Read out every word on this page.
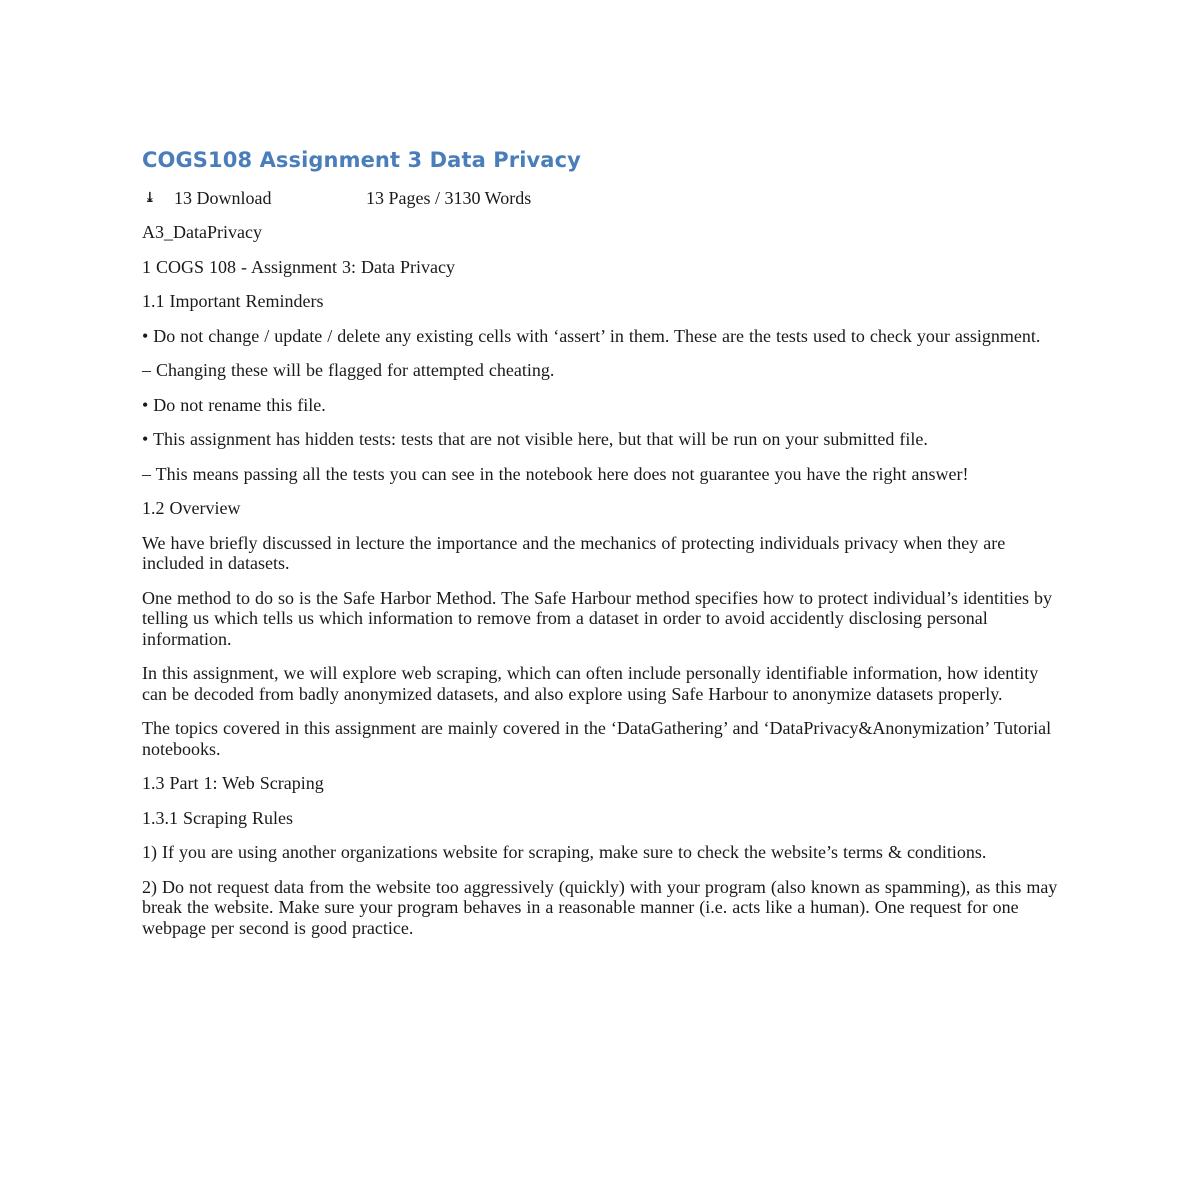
COGS108 Assignment 3 Data Privacy
⤓ 13 Download	13 Pages / 3130 Words

A3_DataPrivacy

1 COGS 108 - Assignment 3: Data Privacy

1.1 Important Reminders

• Do not change / update / delete any existing cells with ‘assert’ in them. These are the tests used to check your assignment.

– Changing these will be flagged for attempted cheating.

• Do not rename this file.

• This assignment has hidden tests: tests that are not visible here, but that will be run on your submitted file.

– This means passing all the tests you can see in the notebook here does not guarantee you have the right answer!

1.2 Overview

We have briefly discussed in lecture the importance and the mechanics of protecting individuals privacy when they are included in datasets.

One method to do so is the Safe Harbor Method. The Safe Harbour method specifies how to protect individual’s identities by telling us which tells us which information to remove from a dataset in order to avoid accidently disclosing personal information.

In this assignment, we will explore web scraping, which can often include personally identifiable information, how identity can be decoded from badly anonymized datasets, and also explore using Safe Harbour to anonymize datasets properly.

The topics covered in this assignment are mainly covered in the ‘DataGathering’ and ‘DataPrivacy&Anonymization’ Tutorial notebooks.

1.3 Part 1: Web Scraping

1.3.1 Scraping Rules

1) If you are using another organizations website for scraping, make sure to check the website’s terms & conditions.

2) Do not request data from the website too aggressively (quickly) with your program (also known as spamming), as this may break the website. Make sure your program behaves in a reasonable manner (i.e. acts like a human). One request for one webpage per second is good practice.
